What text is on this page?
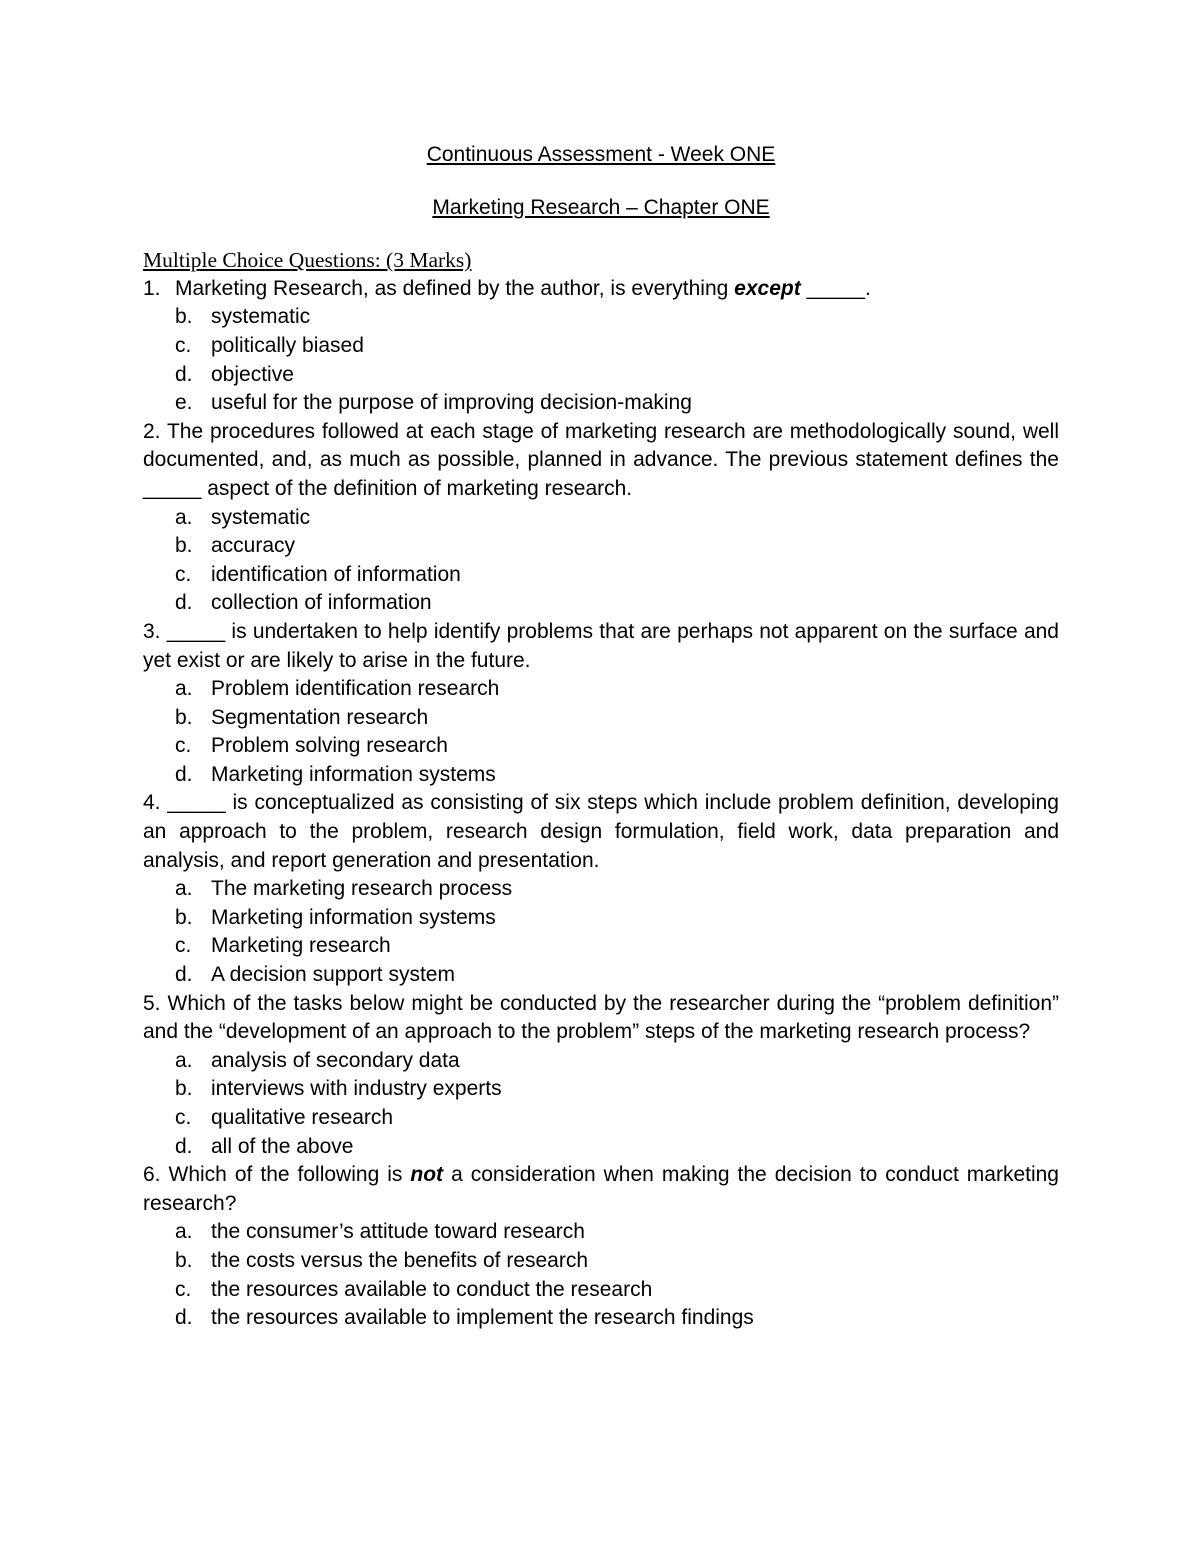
Continuous Assessment - Week ONE

Marketing Research – Chapter ONE

Multiple Choice Questions: (3 Marks)
1. Marketing Research, as defined by the author, is everything except _____.
b. systematic
c. politically biased
d. objective
e. useful for the purpose of improving decision-making
2. The procedures followed at each stage of marketing research are methodologically sound, well documented, and, as much as possible, planned in advance. The previous statement defines the _____ aspect of the definition of marketing research.
a. systematic
b. accuracy
c. identification of information
d. collection of information
3. _____ is undertaken to help identify problems that are perhaps not apparent on the surface and yet exist or are likely to arise in the future.
a. Problem identification research
b. Segmentation research
c. Problem solving research
d. Marketing information systems
4. _____ is conceptualized as consisting of six steps which include problem definition, developing an approach to the problem, research design formulation, field work, data preparation and analysis, and report generation and presentation.
a. The marketing research process
b. Marketing information systems
c. Marketing research
d. A decision support system
5. Which of the tasks below might be conducted by the researcher during the “problem definition” and the “development of an approach to the problem” steps of the marketing research process?
a. analysis of secondary data
b. interviews with industry experts
c. qualitative research
d. all of the above
6. Which of the following is not a consideration when making the decision to conduct marketing research?
a. the consumer’s attitude toward research
b. the costs versus the benefits of research
c. the resources available to conduct the research
d. the resources available to implement the research findings
